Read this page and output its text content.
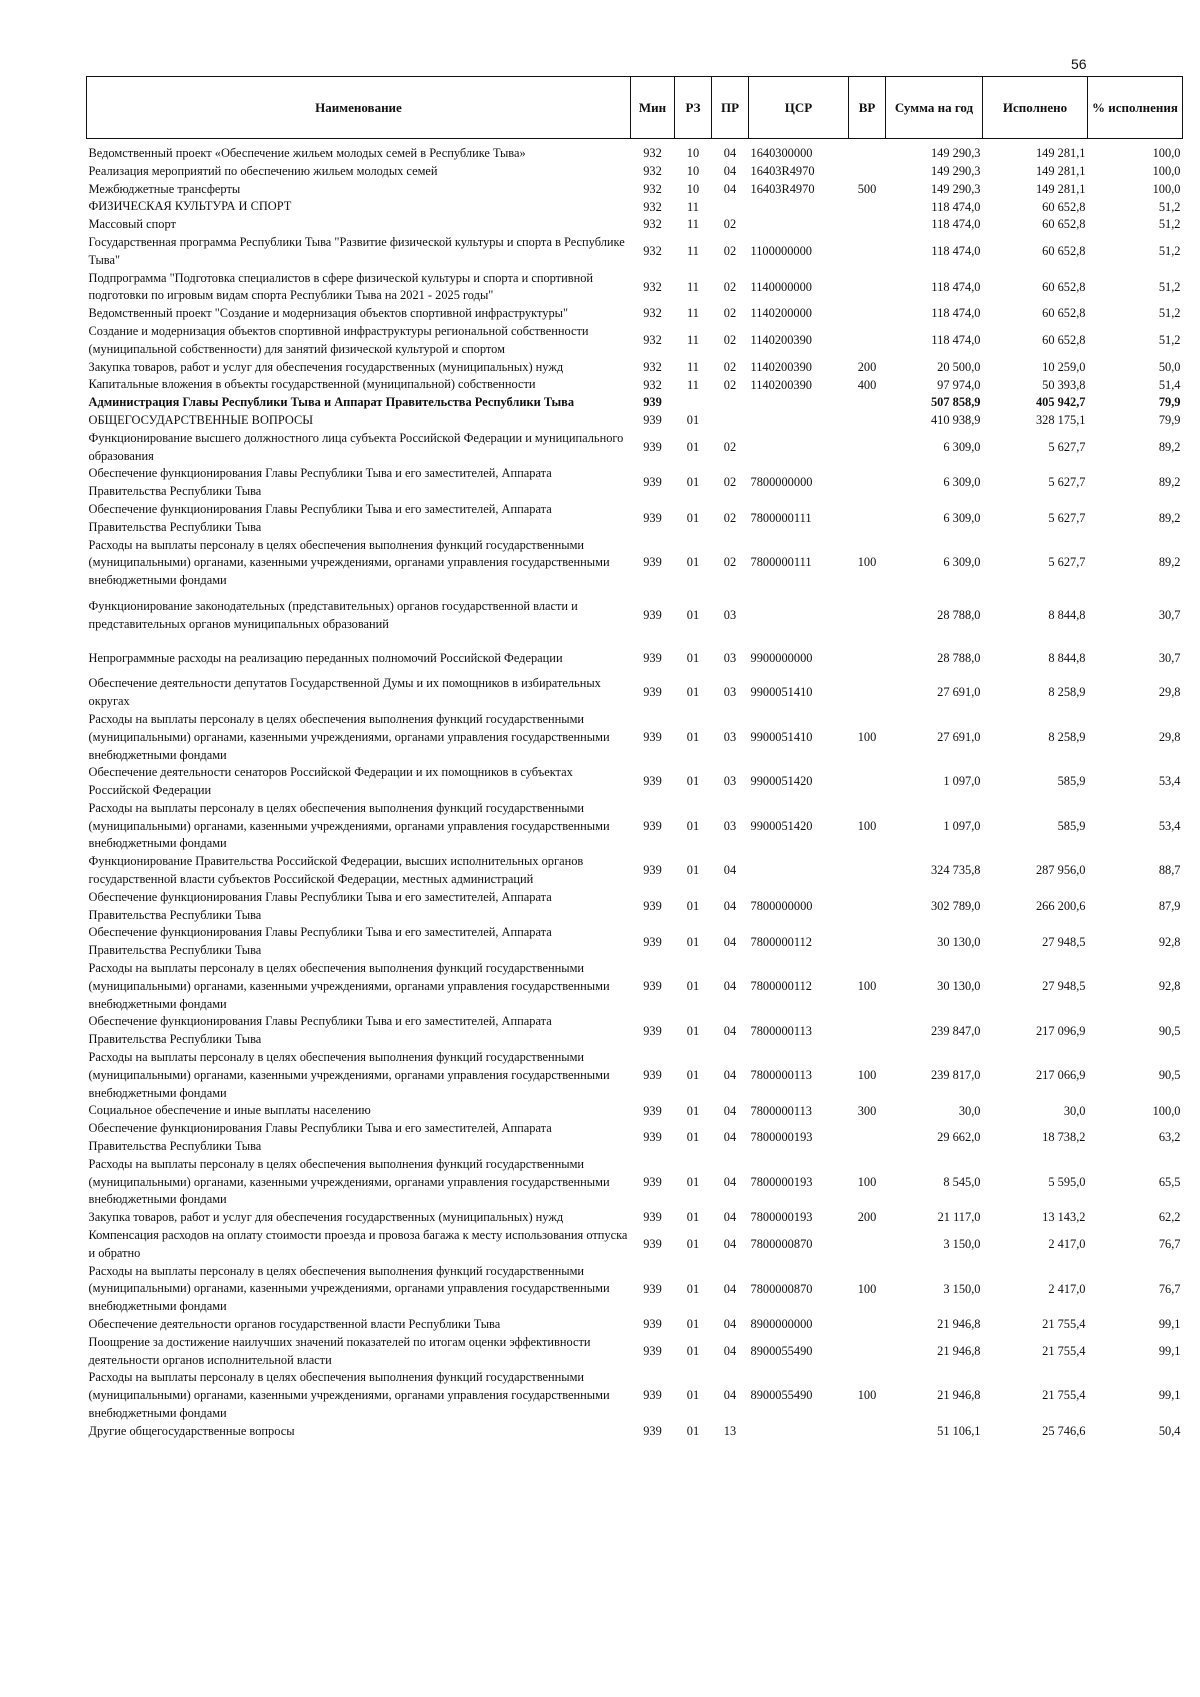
56
Наименование	Мин	РЗ	ПР	ЦСР	ВР	Сумма на год	Исполнено	% исполнения
Ведомственный проект «Обеспечение жильем молодых семей в Республике Тыва»	932	10	04	1640300000		149 290,3	149 281,1	100,0
Реализация мероприятий по обеспечению жильем молодых семей	932	10	04	16403R4970		149 290,3	149 281,1	100,0
Межбюджетные трансферты	932	10	04	16403R4970	500	149 290,3	149 281,1	100,0
ФИЗИЧЕСКАЯ КУЛЬТУРА И СПОРТ	932	11				118 474,0	60 652,8	51,2
Массовый спорт	932	11	02			118 474,0	60 652,8	51,2
Государственная программа Республики Тыва "Развитие физической культуры и спорта в Республике Тыва"	932	11	02	1100000000		118 474,0	60 652,8	51,2
Подпрограмма "Подготовка специалистов в сфере физической культуры и спорта и спортивной подготовки по игровым видам спорта Республики Тыва на 2021 - 2025 годы"	932	11	02	1140000000		118 474,0	60 652,8	51,2
Ведомственный проект "Создание и модернизация объектов спортивной инфраструктуры"	932	11	02	1140200000		118 474,0	60 652,8	51,2
Создание и модернизация объектов спортивной инфраструктуры региональной собственности (муниципальной собственности) для занятий физической культурой и спортом	932	11	02	1140200390		118 474,0	60 652,8	51,2
Закупка товаров, работ и услуг для обеспечения государственных (муниципальных) нужд	932	11	02	1140200390	200	20 500,0	10 259,0	50,0
Капитальные вложения в объекты государственной (муниципальной) собственности	932	11	02	1140200390	400	97 974,0	50 393,8	51,4
Администрация Главы Республики Тыва и Аппарат Правительства Республики Тыва	939					507 858,9	405 942,7	79,9
ОБЩЕГОСУДАРСТВЕННЫЕ ВОПРОСЫ	939	01				410 938,9	328 175,1	79,9
Функционирование высшего должностного лица субъекта Российской Федерации и муниципального образования	939	01	02			6 309,0	5 627,7	89,2
Обеспечение функционирования Главы Республики Тыва и его заместителей, Аппарата Правительства Республики Тыва	939	01	02	7800000000		6 309,0	5 627,7	89,2
Обеспечение функционирования Главы Республики Тыва и его заместителей, Аппарата Правительства Республики Тыва	939	01	02	7800000111		6 309,0	5 627,7	89,2
Расходы на выплаты персоналу в целях обеспечения выполнения функций государственными (муниципальными) органами, казенными учреждениями, органами управления государственными внебюджетными фондами	939	01	02	7800000111	100	6 309,0	5 627,7	89,2
Функционирование законодательных (представительных) органов государственной власти и представительных органов муниципальных образований	939	01	03			28 788,0	8 844,8	30,7
Непрограммные расходы на реализацию переданных полномочий Российской Федерации	939	01	03	9900000000		28 788,0	8 844,8	30,7
Обеспечение деятельности депутатов Государственной Думы и их помощников в избирательных округах	939	01	03	9900051410		27 691,0	8 258,9	29,8
Расходы на выплаты персоналу в целях обеспечения выполнения функций государственными (муниципальными) органами, казенными учреждениями, органами управления государственными внебюджетными фондами	939	01	03	9900051410	100	27 691,0	8 258,9	29,8
Обеспечение деятельности сенаторов Российской Федерации и их помощников в субъектах Российской Федерации	939	01	03	9900051420		1 097,0	585,9	53,4
Расходы на выплаты персоналу в целях обеспечения выполнения функций государственными (муниципальными) органами, казенными учреждениями, органами управления государственными внебюджетными фондами	939	01	03	9900051420	100	1 097,0	585,9	53,4
Функционирование Правительства Российской Федерации, высших исполнительных органов государственной власти субъектов Российской Федерации, местных администраций	939	01	04			324 735,8	287 956,0	88,7
Обеспечение функционирования Главы Республики Тыва и его заместителей, Аппарата Правительства Республики Тыва	939	01	04	7800000000		302 789,0	266 200,6	87,9
Обеспечение функционирования Главы Республики Тыва и его заместителей, Аппарата Правительства Республики Тыва	939	01	04	7800000112		30 130,0	27 948,5	92,8
Расходы на выплаты персоналу в целях обеспечения выполнения функций государственными (муниципальными) органами, казенными учреждениями, органами управления государственными внебюджетными фондами	939	01	04	7800000112	100	30 130,0	27 948,5	92,8
Обеспечение функционирования Главы Республики Тыва и его заместителей, Аппарата Правительства Республики Тыва	939	01	04	7800000113		239 847,0	217 096,9	90,5
Расходы на выплаты персоналу в целях обеспечения выполнения функций государственными (муниципальными) органами, казенными учреждениями, органами управления государственными внебюджетными фондами	939	01	04	7800000113	100	239 817,0	217 066,9	90,5
Социальное обеспечение и иные выплаты населению	939	01	04	7800000113	300	30,0	30,0	100,0
Обеспечение функционирования Главы Республики Тыва и его заместителей, Аппарата Правительства Республики Тыва	939	01	04	7800000193		29 662,0	18 738,2	63,2
Расходы на выплаты персоналу в целях обеспечения выполнения функций государственными (муниципальными) органами, казенными учреждениями, органами управления государственными внебюджетными фондами	939	01	04	7800000193	100	8 545,0	5 595,0	65,5
Закупка товаров, работ и услуг для обеспечения государственных (муниципальных) нужд	939	01	04	7800000193	200	21 117,0	13 143,2	62,2
Компенсация расходов на оплату стоимости проезда и провоза багажа к месту использования отпуска и обратно	939	01	04	7800000870		3 150,0	2 417,0	76,7
Расходы на выплаты персоналу в целях обеспечения выполнения функций государственными (муниципальными) органами, казенными учреждениями, органами управления государственными внебюджетными фондами	939	01	04	7800000870	100	3 150,0	2 417,0	76,7
Обеспечение деятельности органов государственной власти Республики Тыва	939	01	04	8900000000		21 946,8	21 755,4	99,1
Поощрение за достижение наилучших значений показателей по итогам оценки эффективности деятельности органов исполнительной власти	939	01	04	8900055490		21 946,8	21 755,4	99,1
Расходы на выплаты персоналу в целях обеспечения выполнения функций государственными (муниципальными) органами, казенными учреждениями, органами управления государственными внебюджетными фондами	939	01	04	8900055490	100	21 946,8	21 755,4	99,1
Другие общегосударственные вопросы	939	01	13			51 106,1	25 746,6	50,4
